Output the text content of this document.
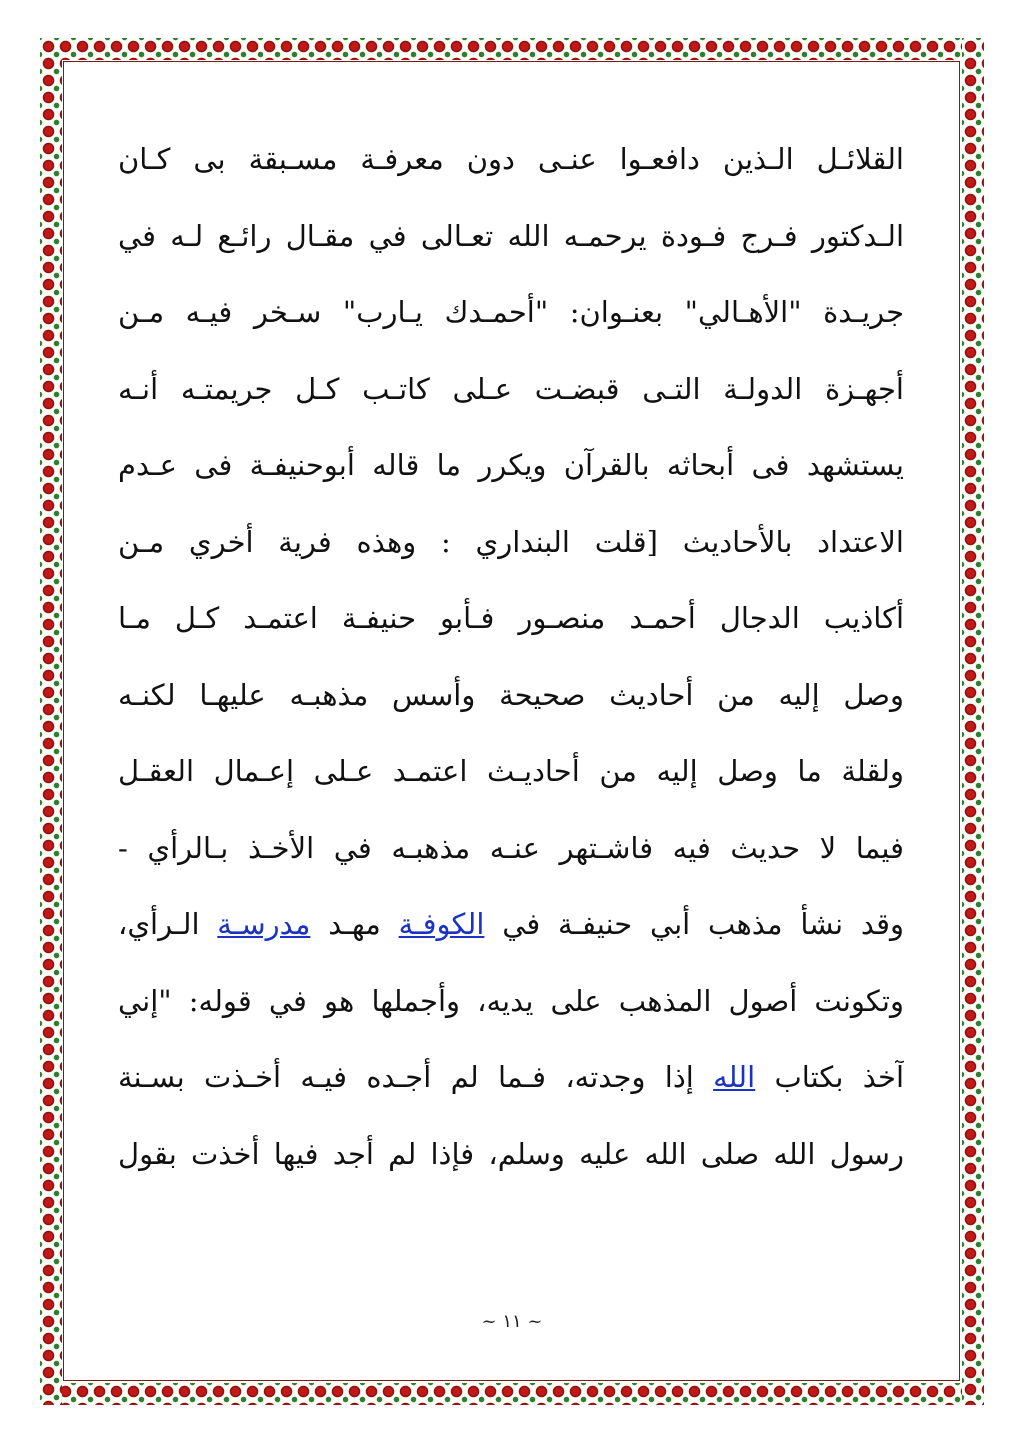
القلائـل الـذين دافعـوا عنـى دون معرفـة مسـبقة بى كـان
الـدكتور فـرج فـودة يرحمـه الله تعـالى في مقـال رائـع لـه في
جريـدة "الأهـالي" بعنـوان: "أحمـدك يـارب" سـخر فيـه مـن
أجهـزة الدولـة التـى قبضـت عـلى كاتـب كـل جريمتـه أنـه
يستشهد فى أبحاثه بالقرآن ويكرر ما قاله أبوحنيفـة فى عـدم
الاعتداد بالأحاديث [قلت البنداري : وهذه فرية أخري مـن
أكاذيب الدجال أحمـد منصـور فـأبو حنيفـة اعتمـد كـل مـا
وصل إليه من أحاديث صحيحة وأسس مذهبـه عليهـا لكنـه
ولقلة ما وصل إليه من أحاديـث اعتمـد عـلى إعـمال العقـل
فيما لا حديث فيه فاشـتهر عنـه مذهبـه في الأخـذ بـالرأي -
وقد نشأ مذهب أبي حنيفـة في الكوفـة مهـد مدرسـة الـرأي،
وتكونت أصول المذهب على يديه، وأجملها هو في قوله: "إني
آخذ بكتاب الله إذا وجدته، فـما لم أجـده فيـه أخـذت بسـنة
رسول الله صلى الله عليه وسلم، فإذا لم أجد فيها أخذت بقول
~ ١١ ~
